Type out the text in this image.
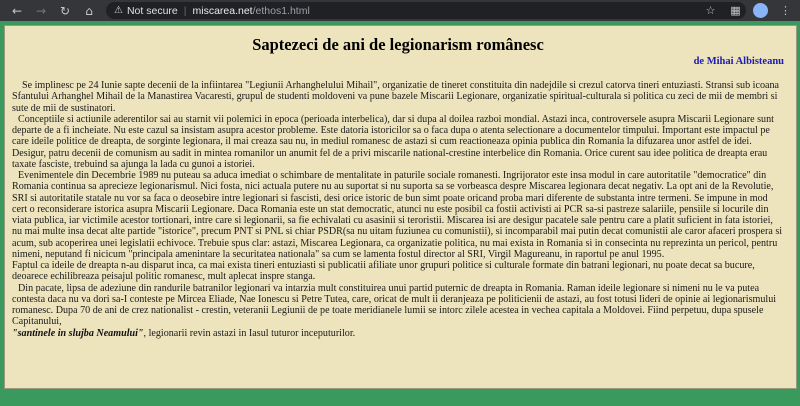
←	→	↻	⌂	⚠ Not secure | miscarea.net /ethos1.html	☆	▦	⋮
Saptezeci de ani de legionarism românesc
de Mihai Albisteanu

Se implinesc pe 24 Iunie sapte decenii de la infiintarea "Legiunii Arhanghelului Mihail", organizatie de tineret constituita din nadejdile si crezul catorva tineri entuziasti. Stransi sub icoana Sfantului Arhanghel Mihail de la Manastirea Vacaresti, grupul de studenti moldoveni va pune bazele Miscarii Legionare, organizatie spiritual-culturala si politica cu zeci de mii de membri si sute de mii de sustinatori.

Conceptiile si actiunile aderentilor sai au starnit vii polemici in epoca (perioada interbelica), dar si dupa al doilea razboi mondial. Astazi inca, controversele asupra Miscarii Legionare sunt departe de a fi incheiate. Nu este cazul sa insistam asupra acestor probleme. Este datoria istoricilor sa o faca dupa o atenta selectionare a documentelor timpului. Important este impactul pe care ideile politice de dreapta, de sorginte legionara, il mai creaza sau nu, in mediul romanesc de astazi si cum reactioneaza opinia publica din Romania la difuzarea unor astfel de idei. Desigur, patru decenii de comunism au sadit in mintea romanilor un anumit fel de a privi miscarile national-crestine interbelice din Romania. Orice curent sau idee politica de dreapta erau taxate fasciste, trebuind sa ajunga la lada cu gunoi a istoriei.

Evenimentele din Decembrie 1989 nu puteau sa aduca imediat o schimbare de mentalitate in paturile sociale romanesti. Ingrijorator este insa modul in care autoritatile "democratice" din Romania continua sa aprecieze legionarismul. Nici fosta, nici actuala putere nu au suportat si nu suporta sa se vorbeasca despre Miscarea legionara decat negativ. La opt ani de la Revolutie, SRI si autoritatile statale nu vor sa faca o deosebire intre legionari si fascisti, desi orice istoric de bun simt poate oricand proba mari diferente de substanta intre termeni. Se impune in mod cert o reconsiderare istorica asupra Miscarii Legionare. Daca Romania este un stat democratic, atunci nu este posibil ca fostii activisti ai PCR sa-si pastreze salariile, pensiile si locurile din viata publica, iar victimile acestor tortionari, intre care si legionarii, sa fie echivalati cu asasinii si teroristii. Miscarea isi are desigur pacatele sale pentru care a platit suficient in fata istoriei, nu mai multe insa decat alte partide "istorice", precum PNT si PNL si chiar PSDR(sa nu uitam fuziunea cu comunistii), si incomparabil mai putin decat comunistii ale caror afaceri prospera si acum, sub acoperirea unei legislatii echivoce. Trebuie spus clar: astazi, Miscarea Legionara, ca organizatie politica, nu mai exista in Romania si in consecinta nu reprezinta un pericol, pentru nimeni, neputand fi nicicum "principala amenintare la securitatea nationala" sa cum se lamenta fostul director al SRI, Virgil Magureanu, in raportul pe anul 1995.

Faptul ca ideile de dreapta n-au disparut inca, ca mai exista tineri entuziasti si publicatii afiliate unor grupuri politice si culturale formate din batrani legionari, nu poate decat sa bucure, deoarece echilibreaza peisajul politic romanesc, mult aplecat inspre stanga.

Din pacate, lipsa de adeziune din randurile batranilor legionari va intarzia mult constituirea unui partid puternic de dreapta in Romania. Raman ideile legionare si nimeni nu le va putea contesta daca nu va dori sa-I conteste pe Mircea Eliade, Nae Ionescu si Petre Tutea, care, oricat de mult ii deranjeaza pe politicienii de astazi, au fost totusi lideri de opinie ai legionarismului romanesc. Dupa 70 de ani de crez nationalist - crestin, veteranii Legiunii de pe toate meridianele lumii se intorc zilele acestea in vechea capitala a Moldovei. Fiind perpetuu, dupa spusele Capitanului,
"santinele in slujba Neamului", legionarii revin astazi in Iasul tuturor inceputurilor.
